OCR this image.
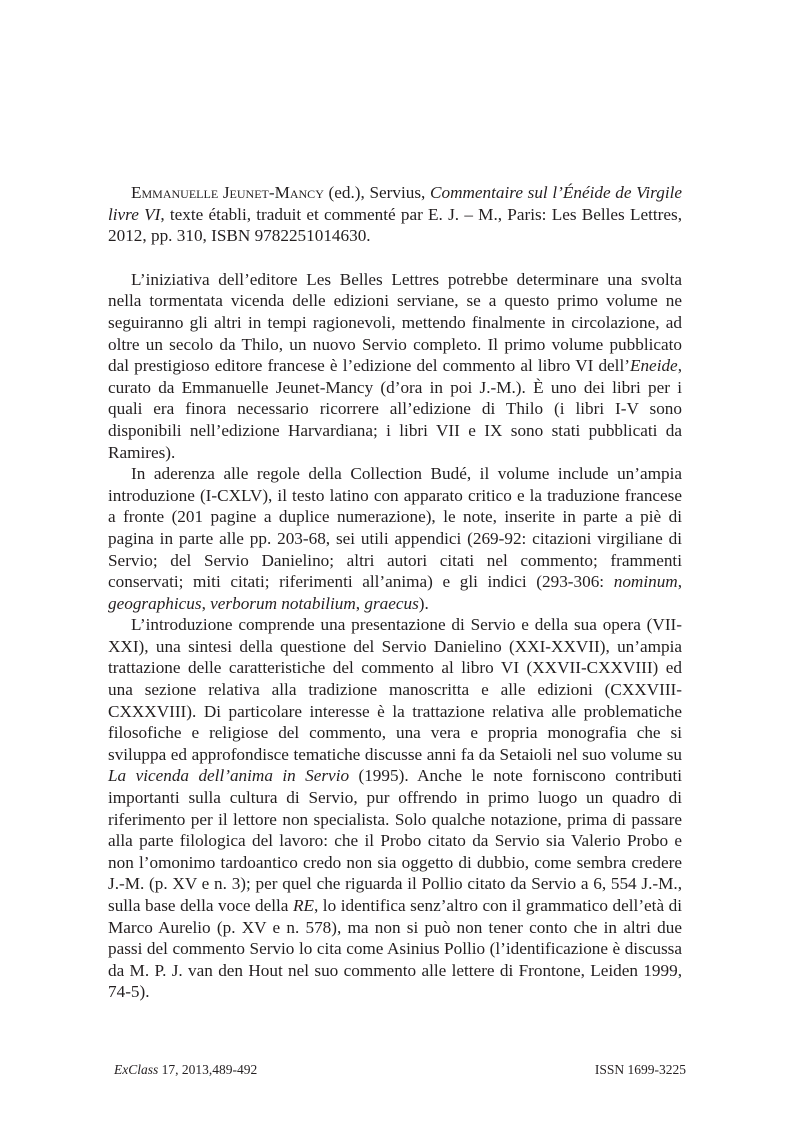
Emmanuelle Jeunet-Mancy (ed.), Servius, Commentaire sul l’Énéide de Virgile livre VI, texte établi, traduit et commenté par E. J. – M., Paris: Les Belles Lettres, 2012, pp. 310, ISBN 9782251014630.

L’iniziativa dell’editore Les Belles Lettres potrebbe determinare una svolta nella tormentata vicenda delle edizioni serviane, se a questo primo volume ne seguiranno gli altri in tempi ragionevoli, mettendo finalmente in circolazione, ad oltre un secolo da Thilo, un nuovo Servio completo. Il primo volume pubblicato dal prestigioso editore francese è l’edizione del commento al libro VI dell’Eneide, curato da Emmanuelle Jeunet-Mancy (d’ora in poi J.-M.). È uno dei libri per i quali era finora necessario ricorrere all’edizione di Thilo (i libri I-V sono disponibili nell’edizione Harvardiana; i libri VII e IX sono stati pubblicati da Ramires).

In aderenza alle regole della Collection Budé, il volume include un’ampia introduzione (I-CXLV), il testo latino con apparato critico e la traduzione francese a fronte (201 pagine a duplice numerazione), le note, inserite in parte a piè di pagina in parte alle pp. 203-68, sei utili appendici (269-92: citazioni virgiliane di Servio; del Servio Danielino; altri autori citati nel commento; frammenti conservati; miti citati; riferimenti all’anima) e gli indici (293-306: nominum, geographicus, verborum notabilium, graecus).

L’introduzione comprende una presentazione di Servio e della sua opera (VII-XXI), una sintesi della questione del Servio Danielino (XXI-XXVII), un’ampia trattazione delle caratteristiche del commento al libro VI (XXVII-CXXVIII) ed una sezione relativa alla tradizione manoscritta e alle edizioni (CXXVIII-CXXXVIII). Di particolare interesse è la trattazione relativa alle problematiche filosofiche e religiose del commento, una vera e propria monografia che si sviluppa ed approfondisce tematiche discusse anni fa da Setaioli nel suo volume su La vicenda dell’anima in Servio (1995). Anche le note forniscono contributi importanti sulla cultura di Servio, pur offrendo in primo luogo un quadro di riferimento per il lettore non specialista. Solo qualche notazione, prima di passare alla parte filologica del lavoro: che il Probo citato da Servio sia Valerio Probo e non l’omonimo tardoantico credo non sia oggetto di dubbio, come sembra credere J.-M. (p. XV e n. 3); per quel che riguarda il Pollio citato da Servio a 6, 554 J.-M., sulla base della voce della RE, lo identifica senz’altro con il grammatico dell’età di Marco Aurelio (p. XV e n. 578), ma non si può non tener conto che in altri due passi del commento Servio lo cita come Asinius Pollio (l’identificazione è discussa da M. P. J. van den Hout nel suo commento alle lettere di Frontone, Leiden 1999, 74-5).

ExClass 17, 2013,489-492	ISSN 1699-3225
